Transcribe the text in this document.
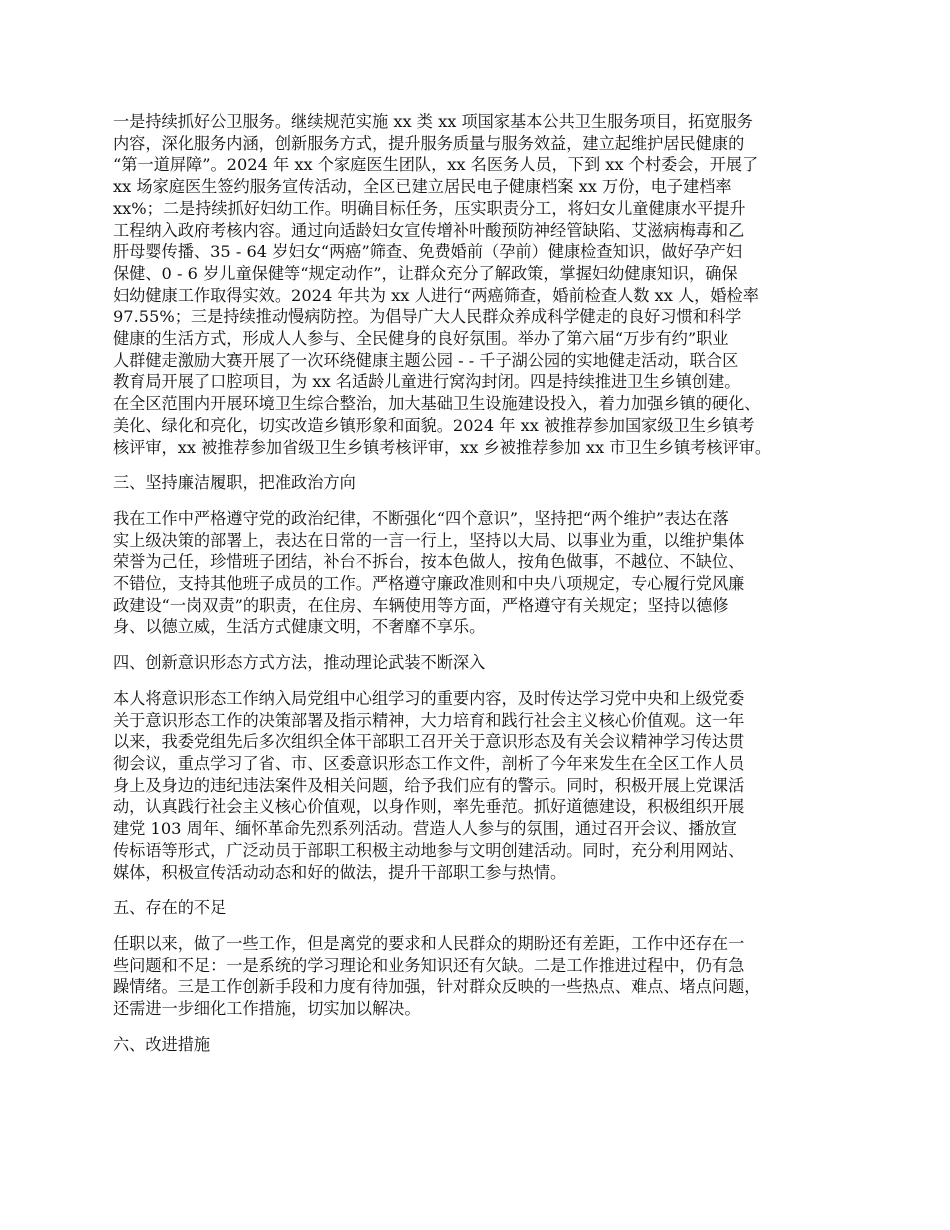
一是持续抓好公卫服务。继续规范实施 xx 类 xx 项国家基本公共卫生服务项目，拓宽服务
内容，深化服务内涵，创新服务方式，提升服务质量与服务效益，建立起维护居民健康的
“第一道屏障”。2024 年 xx 个家庭医生团队，xx 名医务人员，下到 xx 个村委会，开展了
xx 场家庭医生签约服务宣传活动，全区已建立居民电子健康档案 xx 万份，电子建档率
xx%；二是持续抓好妇幼工作。明确目标任务，压实职责分工，将妇女儿童健康水平提升
工程纳入政府考核内容。通过向适龄妇女宣传增补叶酸预防神经管缺陷、艾滋病梅毒和乙
肝母婴传播、35 - 64 岁妇女“两癌”筛查、免费婚前（孕前）健康检查知识，做好孕产妇
保健、0 - 6 岁儿童保健等“规定动作”，让群众充分了解政策，掌握妇幼健康知识，确保
妇幼健康工作取得实效。2024 年共为 xx 人进行“两癌筛查，婚前检查人数 xx 人，婚检率
97.55%；三是持续推动慢病防控。为倡导广大人民群众养成科学健走的良好习惯和科学
健康的生活方式，形成人人参与、全民健身的良好氛围。举办了第六届“万步有约”职业
人群健走激励大赛开展了一次环绕健康主题公园 - - 千子湖公园的实地健走活动，联合区
教育局开展了口腔项目，为 xx 名适龄儿童进行窝沟封闭。四是持续推进卫生乡镇创建。
在全区范围内开展环境卫生综合整治，加大基础卫生设施建设投入，着力加强乡镇的硬化、
美化、绿化和亮化，切实改造乡镇形象和面貌。2024 年 xx 被推荐参加国家级卫生乡镇考
核评审，xx 被推荐参加省级卫生乡镇考核评审，xx 乡被推荐参加 xx 市卫生乡镇考核评审。
三、坚持廉洁履职，把准政治方向
我在工作中严格遵守党的政治纪律，不断强化“四个意识”，坚持把“两个维护”表达在落
实上级决策的部署上，表达在日常的一言一行上，坚持以大局、以事业为重，以维护集体
荣誉为己任，珍惜班子团结，补台不拆台，按本色做人，按角色做事，不越位、不缺位、
不错位，支持其他班子成员的工作。严格遵守廉政准则和中央八项规定，专心履行党风廉
政建设“一岗双责”的职责，在住房、车辆使用等方面，严格遵守有关规定；坚持以德修
身、以德立威，生活方式健康文明，不奢靡不享乐。
四、创新意识形态方式方法，推动理论武装不断深入
本人将意识形态工作纳入局党组中心组学习的重要内容，及时传达学习党中央和上级党委
关于意识形态工作的决策部署及指示精神，大力培育和践行社会主义核心价值观。这一年
以来，我委党组先后多次组织全体干部职工召开关于意识形态及有关会议精神学习传达贯
彻会议，重点学习了省、市、区委意识形态工作文件，剖析了今年来发生在全区工作人员
身上及身边的违纪违法案件及相关问题，给予我们应有的警示。同时，积极开展上党课活
动，认真践行社会主义核心价值观，以身作则，率先垂范。抓好道德建设，积极组织开展
建党 103 周年、缅怀革命先烈系列活动。营造人人参与的氛围，通过召开会议、播放宣
传标语等形式，广泛动员于部职工积极主动地参与文明创建活动。同时，充分利用网站、
媒体，积极宣传活动动态和好的做法，提升干部职工参与热情。
五、存在的不足
任职以来，做了一些工作，但是离党的要求和人民群众的期盼还有差距，工作中还存在一
些问题和不足：一是系统的学习理论和业务知识还有欠缺。二是工作推进过程中，仍有急
躁情绪。三是工作创新手段和力度有待加强，针对群众反映的一些热点、难点、堵点问题，
还需进一步细化工作措施，切实加以解决。
六、改进措施
